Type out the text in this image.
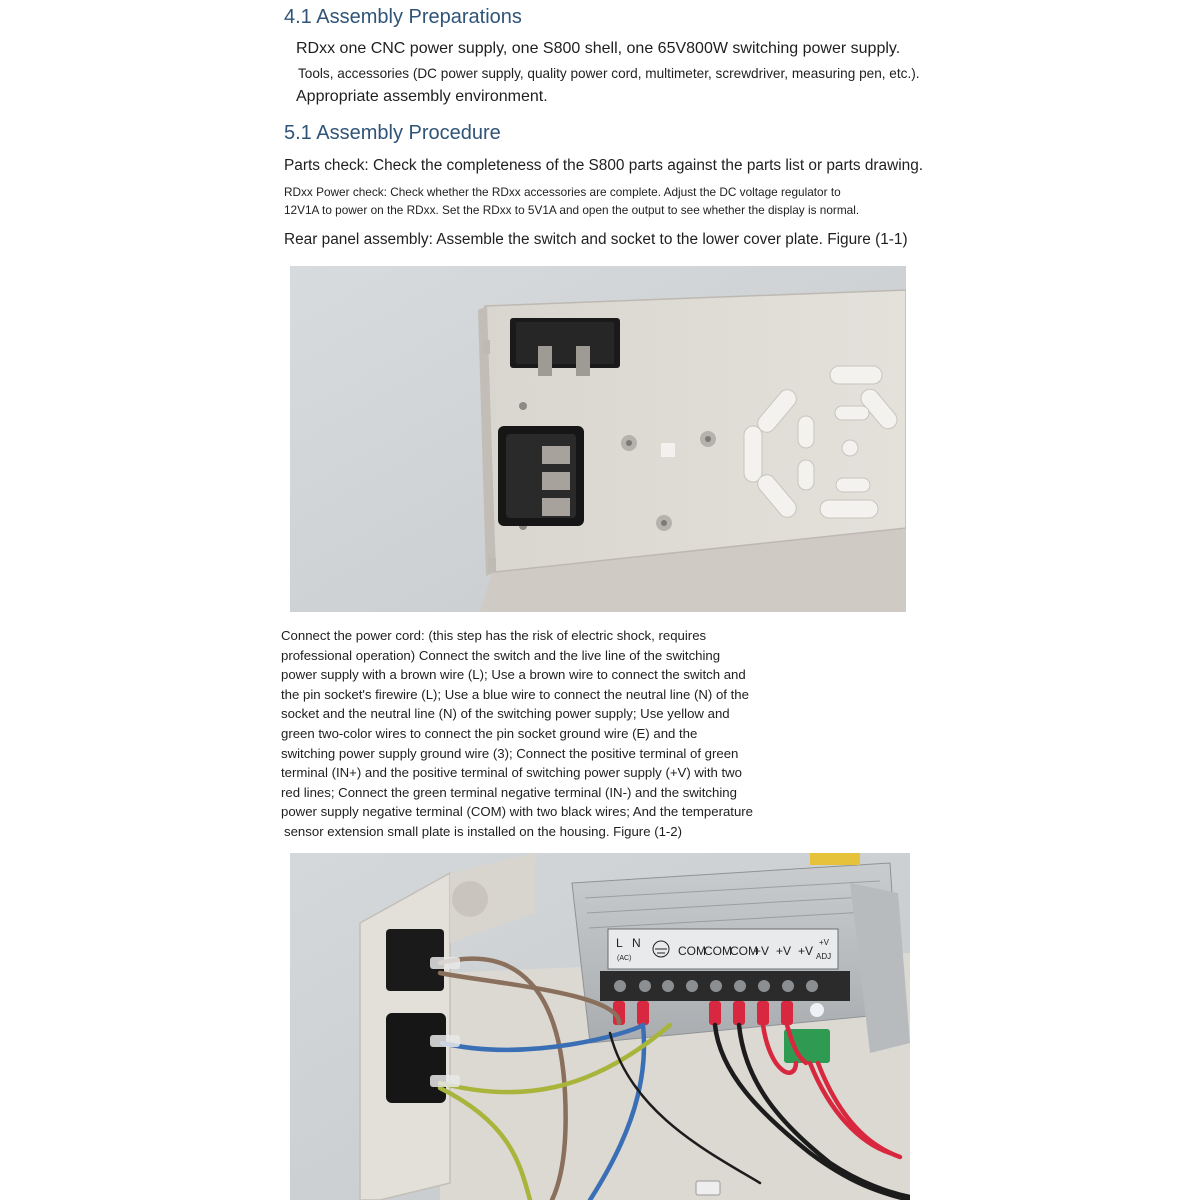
4.1 Assembly Preparations
RDxx one CNC power supply, one S800 shell, one 65V800W switching power supply.
Tools, accessories (DC power supply, quality power cord, multimeter, screwdriver, measuring pen, etc.).
Appropriate assembly environment.
5.1 Assembly Procedure
Parts check: Check the completeness of the S800 parts against the parts list or parts drawing.
RDxx Power check: Check whether the RDxx accessories are complete. Adjust the DC voltage regulator to
12V1A to power on the RDxx. Set the RDxx to 5V1A and open the output to see whether the display is normal.
Rear panel assembly: Assemble the switch and socket to the lower cover plate. Figure (1-1)
Connect the power cord: (this step has the risk of electric shock, requires
professional operation) Connect the switch and the live line of the switching
power supply with a brown wire (L); Use a brown wire to connect the switch and
the pin socket's firewire (L); Use a blue wire to connect the neutral line (N) of the
socket and the neutral line (N) of the switching power supply; Use yellow and
green two-color wires to connect the pin socket ground wire (E) and the
switching power supply ground wire (3); Connect the positive terminal of green
terminal (IN+) and the positive terminal of switching power supply (+V) with two
red lines; Connect the green terminal negative terminal (IN-) and the switching
power supply negative terminal (COM) with two black wires; And the temperature
sensor extension small plate is installed on the housing. Figure (1-2)
L N
(AC)
COM
COM
COM
+V +V +V
+V
ADJ
